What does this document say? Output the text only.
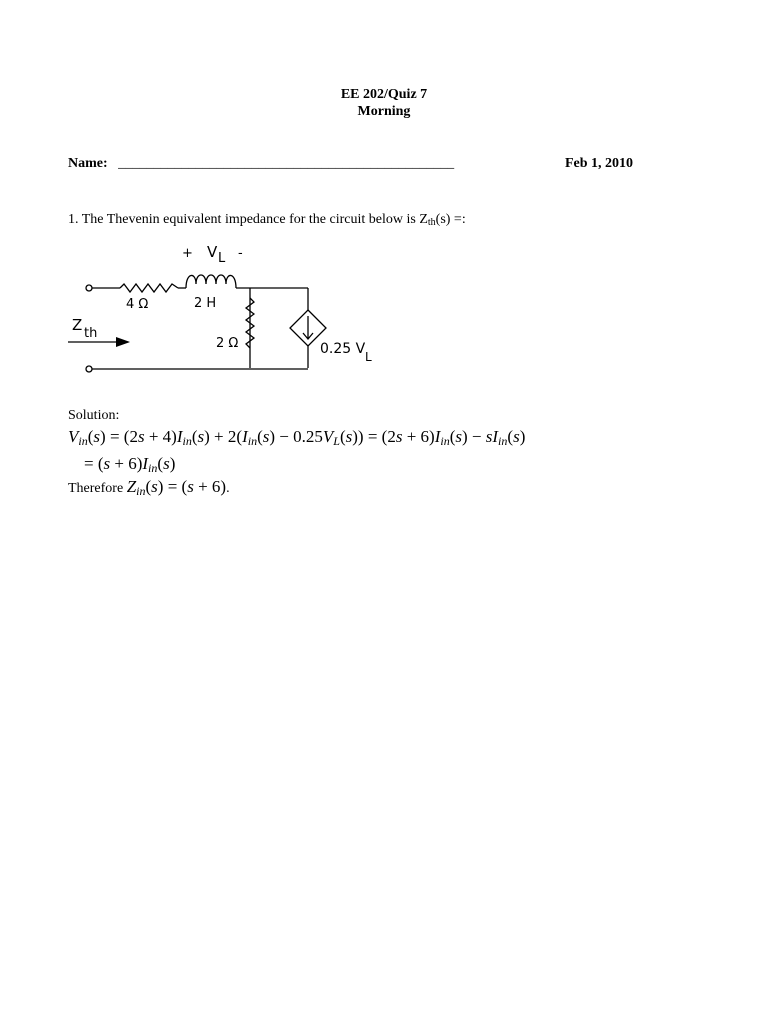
EE 202/Quiz 7
Morning
Name: ________________________________________________	Feb 1, 2010
1. The Thevenin equivalent impedance for the circuit below is $Z_{th}(s)$ =:
+ V L -
4 Ω	2 H
2 Ω	0.25 V L
Z th
Solution:
Vin(s) = (2s + 4)Iin(s) + 2(Iin(s) − 0.25VL(s)) = (2s + 6)Iin(s) − sIin(s)
= (s + 6)Iin(s)
Therefore Zin(s) = (s + 6).
